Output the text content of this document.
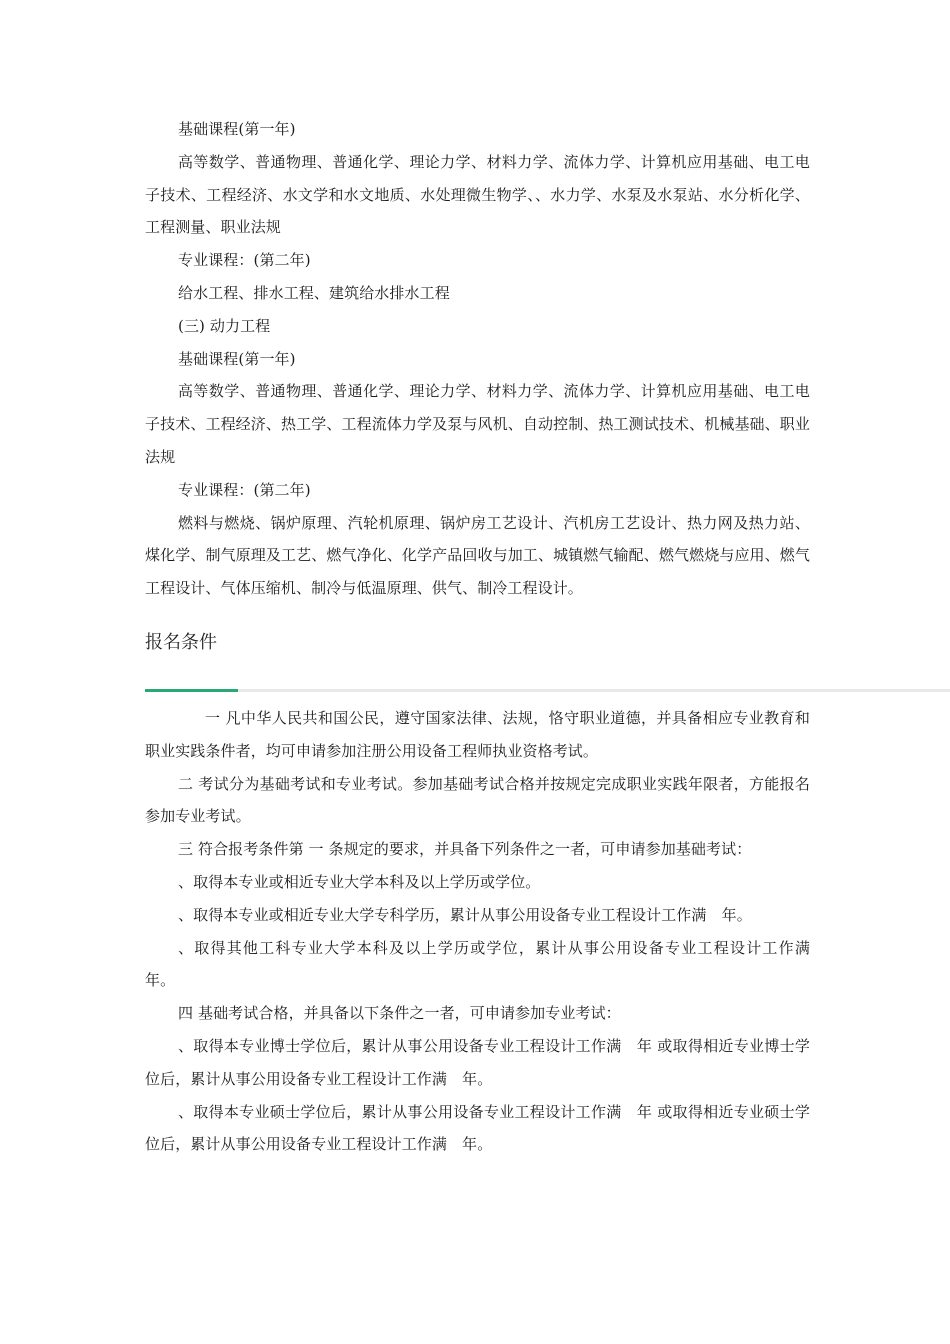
基础课程(第一年)

高等数学、普通物理、普通化学、理论力学、材料力学、流体力学、计算机应用基础、电工电子技术、工程经济、水文学和水文地质、水处理微生物学、、水力学、水泵及水泵站、水分析化学、工程测量、职业法规

专业课程：(第二年)

给水工程、排水工程、建筑给水排水工程

(三) 动力工程

基础课程(第一年)

高等数学、普通物理、普通化学、理论力学、材料力学、流体力学、计算机应用基础、电工电子技术、工程经济、热工学、工程流体力学及泵与风机、自动控制、热工测试技术、机械基础、职业法规

专业课程：(第二年)

燃料与燃烧、锅炉原理、汽轮机原理、锅炉房工艺设计、汽机房工艺设计、热力网及热力站、煤化学、制气原理及工艺、燃气净化、化学产品回收与加工、城镇燃气输配、燃气燃烧与应用、燃气工程设计、气体压缩机、制冷与低温原理、供气、制冷工程设计。

报名条件

一 凡中华人民共和国公民，遵守国家法律、法规，恪守职业道德，并具备相应专业教育和职业实践条件者，均可申请参加注册公用设备工程师执业资格考试。

二 考试分为基础考试和专业考试。参加基础考试合格并按规定完成职业实践年限者，方能报名参加专业考试。

三 符合报考条件第 一 条规定的要求，并具备下列条件之一者，可申请参加基础考试：

、取得本专业或相近专业大学本科及以上学历或学位。

、取得本专业或相近专业大学专科学历，累计从事公用设备专业工程设计工作满　年。

、取得其他工科专业大学本科及以上学历或学位，累计从事公用设备专业工程设计工作满　年。

四 基础考试合格，并具备以下条件之一者，可申请参加专业考试：

、取得本专业博士学位后，累计从事公用设备专业工程设计工作满　年 或取得相近专业博士学位后，累计从事公用设备专业工程设计工作满　年。

、取得本专业硕士学位后，累计从事公用设备专业工程设计工作满　年 或取得相近专业硕士学位后，累计从事公用设备专业工程设计工作满　年。
